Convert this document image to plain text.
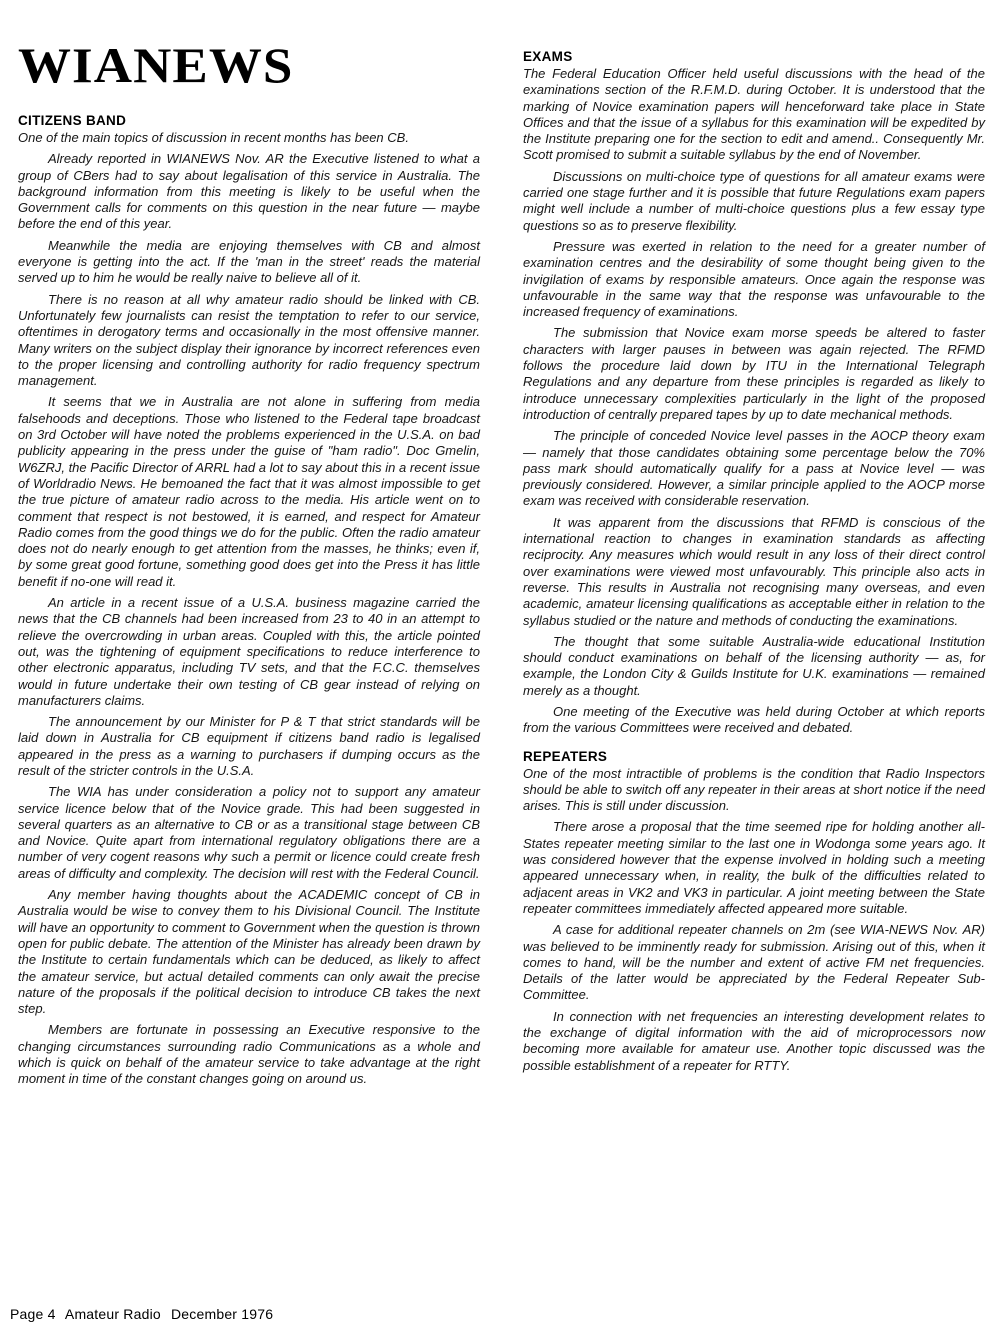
WIANEWS
CITIZENS BAND

One of the main topics of discussion in recent months has been CB.

Already reported in WIANEWS Nov. AR the Executive listened to what a group of CBers had to say about legalisation of this service in Australia. The background information from this meeting is likely to be useful when the Government calls for comments on this question in the near future — maybe before the end of this year.

Meanwhile the media are enjoying themselves with CB and almost everyone is getting into the act. If the 'man in the street' reads the material served up to him he would be really naive to believe all of it.

There is no reason at all why amateur radio should be linked with CB. Unfortunately few journalists can resist the temptation to refer to our service, oftentimes in derogatory terms and occasionally in the most offensive manner. Many writers on the subject display their ignorance by incorrect references even to the proper licensing and controlling authority for radio frequency spectrum management.

It seems that we in Australia are not alone in suffering from media falsehoods and deceptions. Those who listened to the Federal tape broadcast on 3rd October will have noted the problems experienced in the U.S.A. on bad publicity appearing in the press under the guise of "ham radio". Doc Gmelin, W6ZRJ, the Pacific Director of ARRL had a lot to say about this in a recent issue of Worldradio News. He bemoaned the fact that it was almost impossible to get the true picture of amateur radio across to the media. His article went on to comment that respect is not bestowed, it is earned, and respect for Amateur Radio comes from the good things we do for the public. Often the radio amateur does not do nearly enough to get attention from the masses, he thinks; even if, by some great good fortune, something good does get into the Press it has little benefit if no-one will read it.

An article in a recent issue of a U.S.A. business magazine carried the news that the CB channels had been increased from 23 to 40 in an attempt to relieve the overcrowding in urban areas. Coupled with this, the article pointed out, was the tightening of equipment specifications to reduce interference to other electronic apparatus, including TV sets, and that the F.C.C. themselves would in future undertake their own testing of CB gear instead of relying on manufacturers claims.

The announcement by our Minister for P & T that strict standards will be laid down in Australia for CB equipment if citizens band radio is legalised appeared in the press as a warning to purchasers if dumping occurs as the result of the stricter controls in the U.S.A.

The WIA has under consideration a policy not to support any amateur service licence below that of the Novice grade. This had been suggested in several quarters as an alternative to CB or as a transitional stage between CB and Novice. Quite apart from international regulatory obligations there are a number of very cogent reasons why such a permit or licence could create fresh areas of difficulty and complexity. The decision will rest with the Federal Council.

Any member having thoughts about the ACADEMIC concept of CB in Australia would be wise to convey them to his Divisional Council. The Institute will have an opportunity to comment to Government when the question is thrown open for public debate. The attention of the Minister has already been drawn by the Institute to certain fundamentals which can be deduced, as likely to affect the amateur service, but actual detailed comments can only await the precise nature of the proposals if the political decision to introduce CB takes the next step.

Members are fortunate in possessing an Executive responsive to the changing circumstances surrounding radio Communications as a whole and which is quick on behalf of the amateur service to take advantage at the right moment in time of the constant changes going on around us.

EXAMS

The Federal Education Officer held useful discussions with the head of the examinations section of the R.F.M.D. during October. It is understood that the marking of Novice examination papers will henceforward take place in State Offices and that the issue of a syllabus for this examination will be expedited by the Institute preparing one for the section to edit and amend.. Consequently Mr. Scott promised to submit a suitable syllabus by the end of November.

Discussions on multi-choice type of questions for all amateur exams were carried one stage further and it is possible that future Regulations exam papers might well include a number of multi-choice questions plus a few essay type questions so as to preserve flexibility.

Pressure was exerted in relation to the need for a greater number of examination centres and the desirability of some thought being given to the invigilation of exams by responsible amateurs. Once again the response was unfavourable in the same way that the response was unfavourable to the increased frequency of examinations.

The submission that Novice exam morse speeds be altered to faster characters with larger pauses in between was again rejected. The RFMD follows the procedure laid down by ITU in the International Telegraph Regulations and any departure from these principles is regarded as likely to introduce unnecessary complexities particularly in the light of the proposed introduction of centrally prepared tapes by up to date mechanical methods.

The principle of conceded Novice level passes in the AOCP theory exam — namely that those candidates obtaining some percentage below the 70% pass mark should automatically qualify for a pass at Novice level — was previously considered. However, a similar principle applied to the AOCP morse exam was received with considerable reservation.

It was apparent from the discussions that RFMD is conscious of the international reaction to changes in examination standards as affecting reciprocity. Any measures which would result in any loss of their direct control over examinations were viewed most unfavourably. This principle also acts in reverse. This results in Australia not recognising many overseas, and even academic, amateur licensing qualifications as acceptable either in relation to the syllabus studied or the nature and methods of conducting the examinations.

The thought that some suitable Australia-wide educational Institution should conduct examinations on behalf of the licensing authority — as, for example, the London City & Guilds Institute for U.K. examinations — remained merely as a thought.

One meeting of the Executive was held during October at which reports from the various Committees were received and debated.

REPEATERS

One of the most intractible of problems is the condition that Radio Inspectors should be able to switch off any repeater in their areas at short notice if the need arises. This is still under discussion.

There arose a proposal that the time seemed ripe for holding another all-States repeater meeting similar to the last one in Wodonga some years ago. It was considered however that the expense involved in holding such a meeting appeared unnecessary when, in reality, the bulk of the difficulties related to adjacent areas in VK2 and VK3 in particular. A joint meeting between the State repeater committees immediately affected appeared more suitable.

A case for additional repeater channels on 2m (see WIA-NEWS Nov. AR) was believed to be imminently ready for submission. Arising out of this, when it comes to hand, will be the number and extent of active FM net frequencies. Details of the latter would be appreciated by the Federal Repeater Sub-Committee.

In connection with net frequencies an interesting development relates to the exchange of digital information with the aid of microprocessors now becoming more available for amateur use. Another topic discussed was the possible establishment of a repeater for RTTY.

Page 4 Amateur Radio December 1976
